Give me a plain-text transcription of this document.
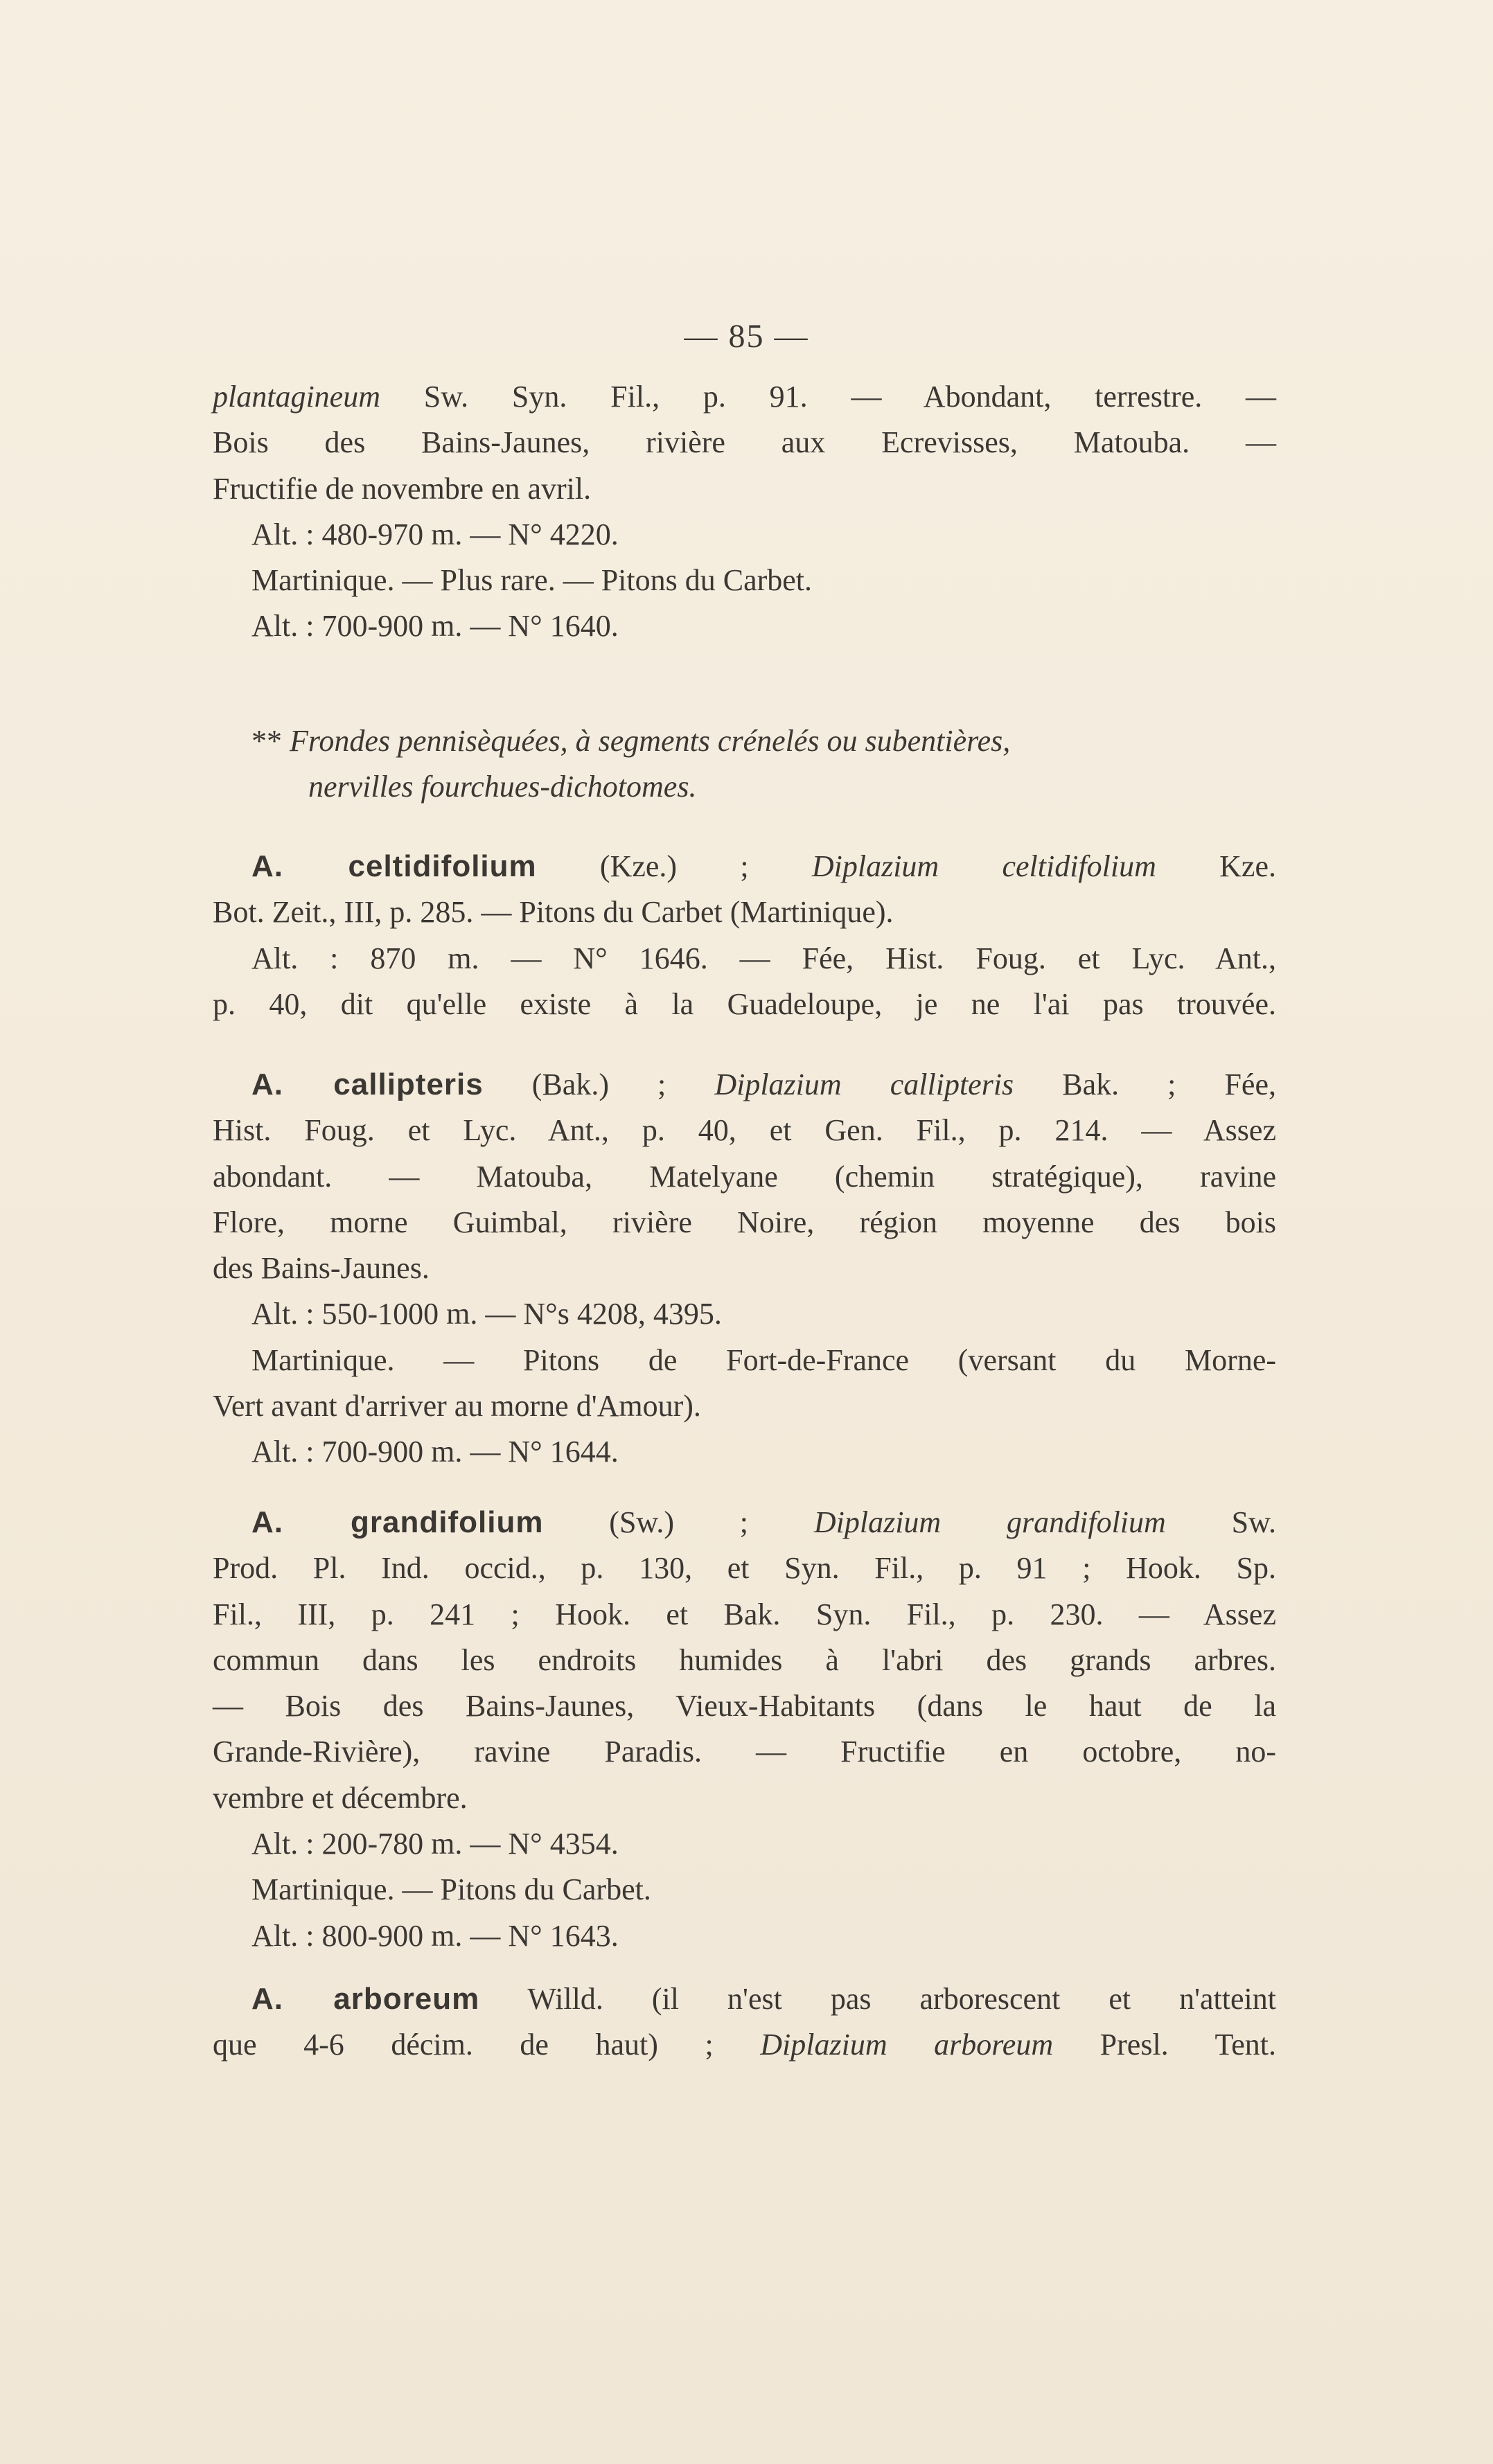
— 85 —
plantagineum Sw. Syn. Fil., p. 91. — Abondant, terrestre. —
Bois des Bains-Jaunes, rivière aux Ecrevisses, Matouba. —
Fructifie de novembre en avril.
Alt. : 480-970 m. — N° 4220.
Martinique. — Plus rare. — Pitons du Carbet.
Alt. : 700-900 m. — N° 1640.
** Frondes pennisèquées, à segments crénelés ou subentières,
nervilles fourchues-dichotomes.
A. celtidifolium (Kze.) ; Diplazium celtidifolium Kze.
Bot. Zeit., III, p. 285. — Pitons du Carbet (Martinique).
Alt. : 870 m. — N° 1646. — Fée, Hist. Foug. et Lyc. Ant.,
p. 40, dit qu'elle existe à la Guadeloupe, je ne l'ai pas trouvée.
A. callipteris (Bak.) ; Diplazium callipteris Bak. ; Fée,
Hist. Foug. et Lyc. Ant., p. 40, et Gen. Fil., p. 214. — Assez
abondant. — Matouba, Matelyane (chemin stratégique), ravine
Flore, morne Guimbal, rivière Noire, région moyenne des bois
des Bains-Jaunes.
Alt. : 550-1000 m. — N°s 4208, 4395.
Martinique. — Pitons de Fort-de-France (versant du Morne-
Vert avant d'arriver au morne d'Amour).
Alt. : 700-900 m. — N° 1644.
A. grandifolium (Sw.) ; Diplazium grandifolium Sw.
Prod. Pl. Ind. occid., p. 130, et Syn. Fil., p. 91 ; Hook. Sp.
Fil., III, p. 241 ; Hook. et Bak. Syn. Fil., p. 230. — Assez
commun dans les endroits humides à l'abri des grands arbres.
— Bois des Bains-Jaunes, Vieux-Habitants (dans le haut de la
Grande-Rivière), ravine Paradis. — Fructifie en octobre, no-
vembre et décembre.
Alt. : 200-780 m. — N° 4354.
Martinique. — Pitons du Carbet.
Alt. : 800-900 m. — N° 1643.
A. arboreum Willd. (il n'est pas arborescent et n'atteint
que 4-6 décim. de haut) ; Diplazium arboreum Presl. Tent.
